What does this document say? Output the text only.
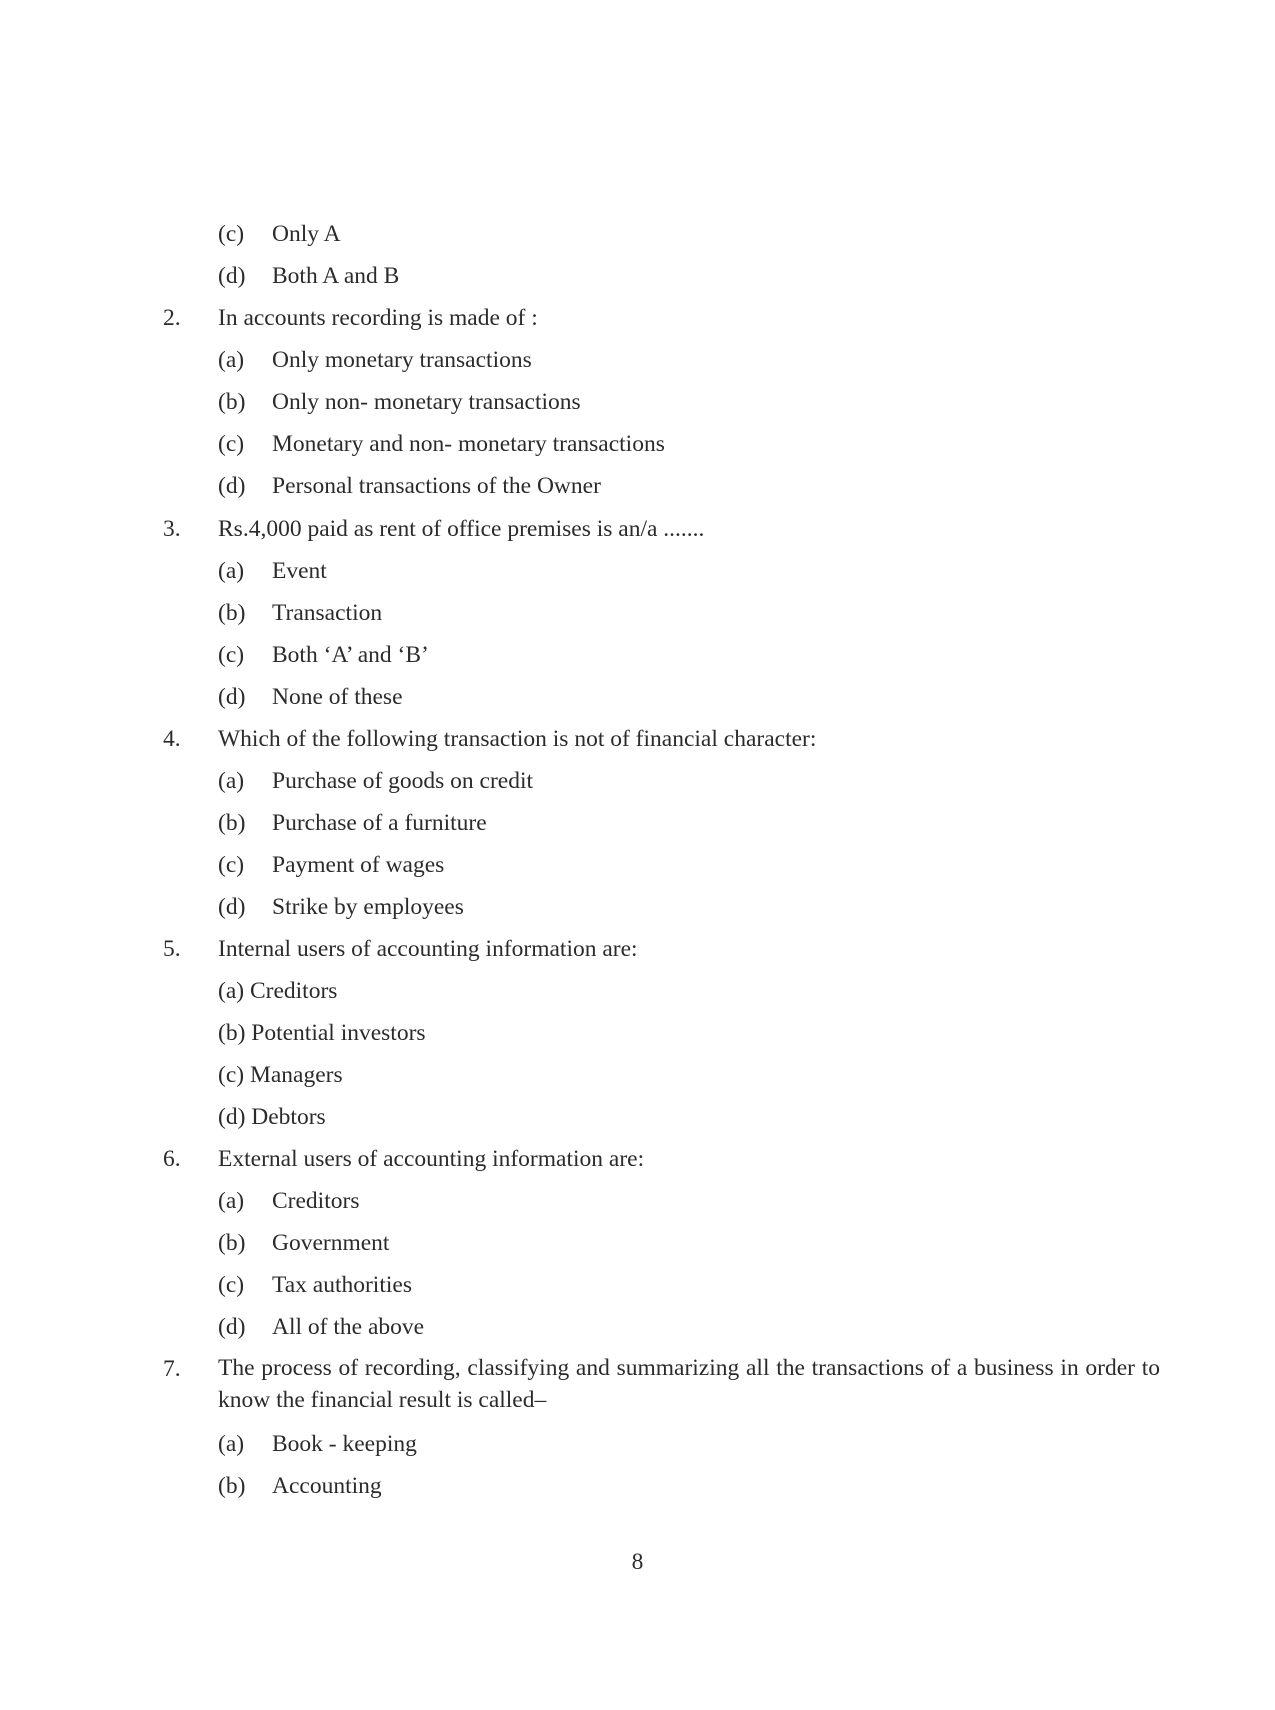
(c) Only A
(d) Both A and B
2. In accounts recording is made of :
(a) Only monetary transactions
(b) Only non- monetary transactions
(c) Monetary and non- monetary transactions
(d) Personal transactions of the Owner
3. Rs.4,000 paid as rent of office premises is an/a .......
(a) Event
(b) Transaction
(c) Both ‘A’ and ‘B’
(d) None of these
4. Which of the following transaction is not of financial character:
(a) Purchase of goods on credit
(b) Purchase of a furniture
(c) Payment of wages
(d) Strike by employees
5. Internal users of accounting information are:
(a) Creditors
(b) Potential investors
(c) Managers
(d) Debtors
6. External users of accounting information are:
(a) Creditors
(b) Government
(c) Tax authorities
(d) All of the above
7. The process of recording, classifying and summarizing all the transactions of a business in order to know the financial result is called–
(a) Book - keeping
(b) Accounting
8
